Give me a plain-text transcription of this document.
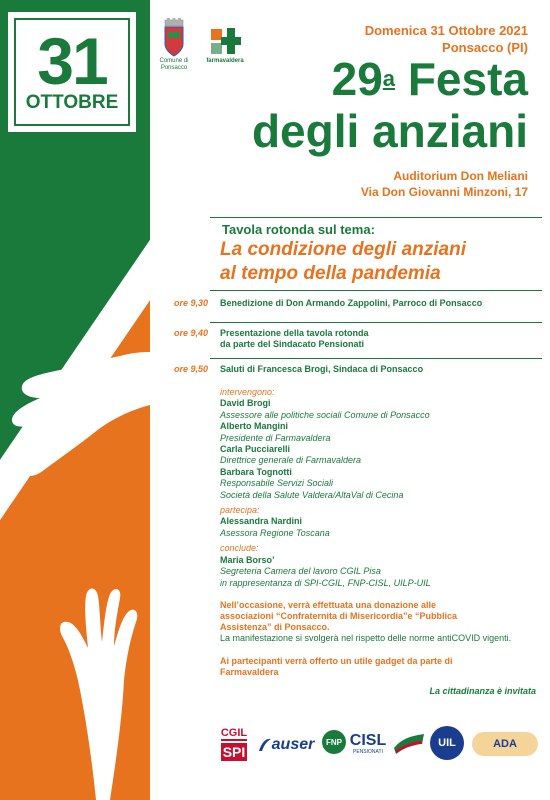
31
OTTOBRE
Comune di Ponsacco
farmavaldera
Domenica 31 Ottobre 2021
Ponsacco (PI)
29$^a$ Festa
degli anziani
Auditorium Don Meliani
Via Don Giovanni Minzoni, 17
Tavola rotonda sul tema:
La condizione degli anziani
al tempo della pandemia
ore 9,30 Benedizione di Don Armando Zappolini, Parroco di Ponsacco
ore 9,40 Presentazione della tavola rotonda
da parte del Sindacato Pensionati
ore 9,50 Saluti di Francesca Brogi, Sindaca di Ponsacco
intervengono:
David Brogi
Assessore alle politiche sociali Comune di Ponsacco
Alberto Mangini
Presidente di Farmavaldera
Carla Pucciarelli
Direttrice generale di Farmavaldera
Barbara Tognotti
Responsabile Servizi Sociali
Società della Salute Valdera/AltaVal di Cecina
partecipa:
Alessandra Nardini
Asessora Regione Toscana
conclude:
Maria Borso’
Segreteria Camera del lavoro CGIL Pisa
in rappresentanza di SPI-CGIL, FNP-CISL, UILP-UIL
Nell’occasione, verrà effettuata una donazione alle
associazioni “Confraternita di Misericordia”e “Pubblica
Assistenza” di Ponsacco.
La manifestazione si svolgerà nel rispetto delle norme antiCOVID vigenti.
Ai partecipanti verrà offerto un utile gadget da parte di
Farmavaldera
La cittadinanza è invitata
CGIL
SPI auser FNP CISL
PENSIONATI
UIL	ADA
